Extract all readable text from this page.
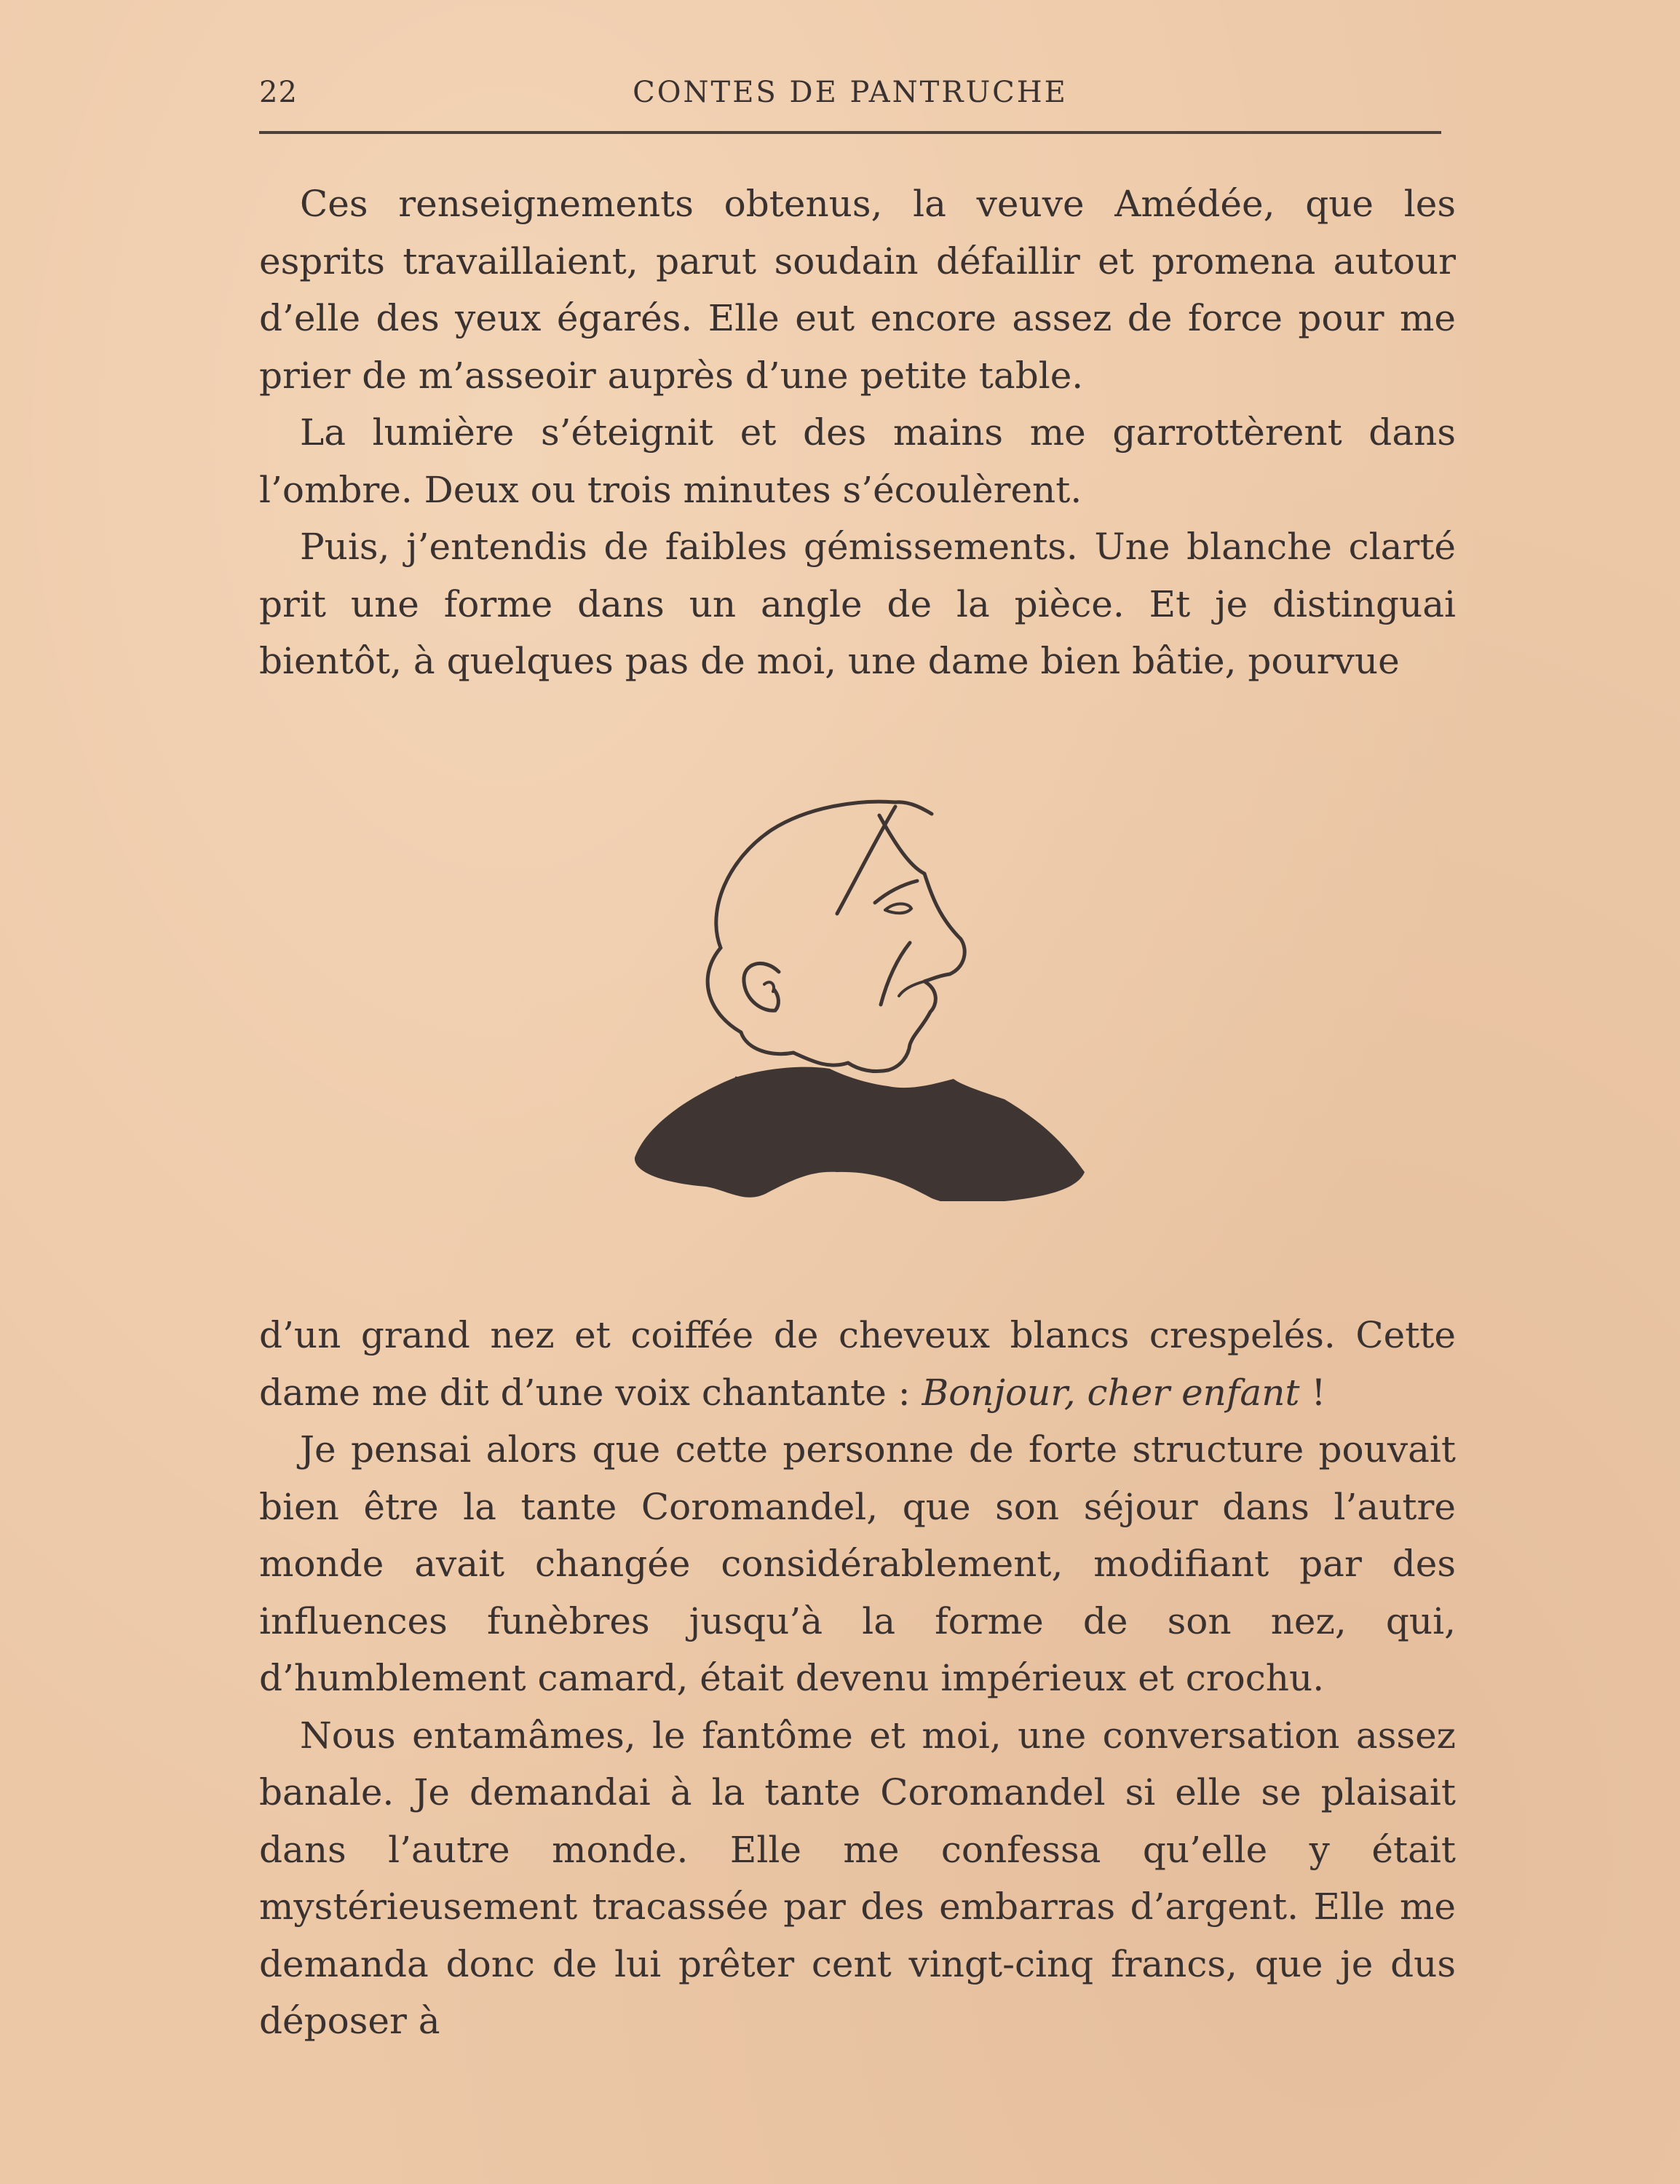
22	CONTES DE PANTRUCHE

Ces renseignements obtenus, la veuve Amédée, que les esprits travaillaient, parut soudain défaillir et promena autour d’elle des yeux égarés. Elle eut encore assez de force pour me prier de m’asseoir auprès d’une petite table.

La lumière s’éteignit et des mains me garrottèrent dans l’ombre. Deux ou trois minutes s’écoulèrent.

Puis, j’entendis de faibles gémissements. Une blanche clarté prit une forme dans un angle de la pièce. Et je distinguai bientôt, à quelques pas de moi, une dame bien bâtie, pourvue

d’un grand nez et coiffée de cheveux blancs crespelés. Cette dame me dit d’une voix chantante : Bonjour, cher enfant !

Je pensai alors que cette personne de forte structure pouvait bien être la tante Coromandel, que son séjour dans l’autre monde avait changée considérablement, modifiant par des influences funèbres jusqu’à la forme de son nez, qui, d’humblement camard, était devenu impérieux et crochu.

Nous entamâmes, le fantôme et moi, une conversation assez banale. Je demandai à la tante Coromandel si elle se plaisait dans l’autre monde. Elle me confessa qu’elle y était mystérieusement tracassée par des embarras d’argent. Elle me demanda donc de lui prêter cent vingt-cinq francs, que je dus déposer à
